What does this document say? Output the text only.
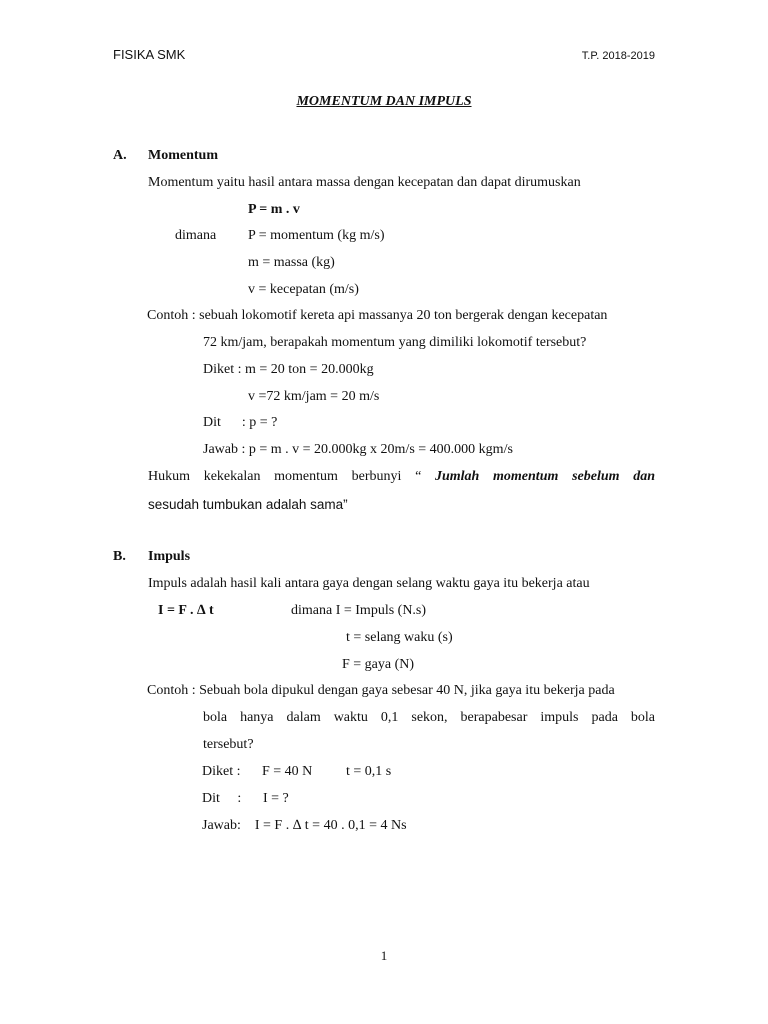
FISIKA SMK	T.P. 2018-2019
MOMENTUM DAN IMPULS
A. Momentum
Momentum yaitu hasil antara massa dengan kecepatan dan dapat dirumuskan
P = m . v
dimana P = momentum (kg m/s)
m = massa (kg)
v = kecepatan (m/s)
Contoh : sebuah lokomotif kereta api massanya 20 ton bergerak dengan kecepatan
72 km/jam, berapakah momentum yang dimiliki lokomotif tersebut?
Diket : m = 20 ton = 20.000kg
v =72 km/jam = 20 m/s
Dit      : p = ?
Jawab : p = m . v = 20.000kg x 20m/s = 400.000 kgm/s
Hukum kekekalan momentum berbunyi “ Jumlah momentum sebelum dan
sesudah tumbukan adalah sama”
B. Impuls
Impuls adalah hasil kali antara gaya dengan selang waktu gaya itu bekerja atau
I = F . ∆ t	dimana I = Impuls (N.s)
t = selang waku (s)
F = gaya (N)
Contoh : Sebuah bola dipukul dengan gaya sebesar 40 N, jika gaya itu bekerja pada
bola hanya dalam waktu 0,1 sekon, berapabesar impuls pada bola
tersebut?
Diket : F = 40 N t = 0,1 s
Dit     : I = ?
Jawab:    I = F . ∆ t = 40 . 0,1 = 4 Ns
1
